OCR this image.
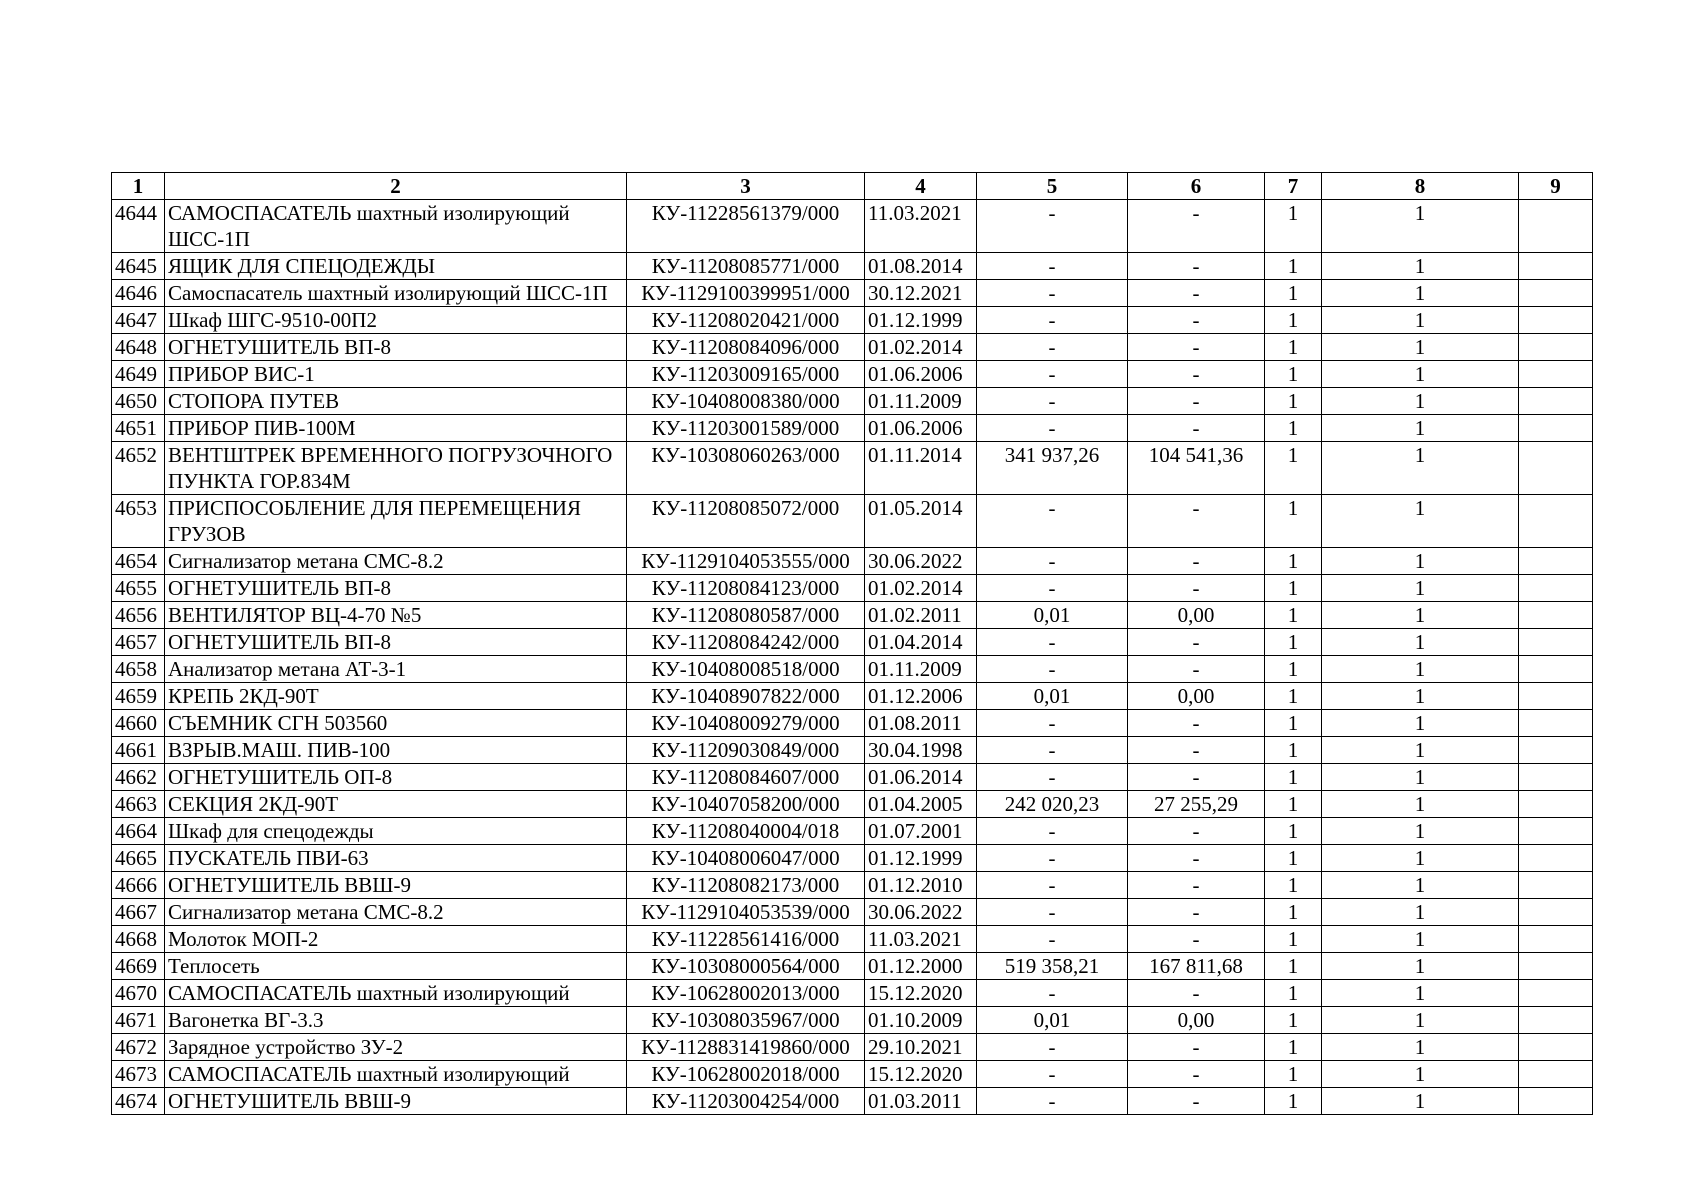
1	2	3	4	5	6	7	8	9
4644	САМОСПАСАТЕЛЬ шахтный изолирующий ШСС-1П	КУ-11228561379/000	11.03.2021	-	-	1	1	
4645	ЯЩИК ДЛЯ СПЕЦОДЕЖДЫ	КУ-11208085771/000	01.08.2014	-	-	1	1	
4646	Самоспасатель шахтный изолирующий ШСС-1П	КУ-1129100399951/000	30.12.2021	-	-	1	1	
4647	Шкаф ШГС-9510-00П2	КУ-11208020421/000	01.12.1999	-	-	1	1	
4648	ОГНЕТУШИТЕЛЬ ВП-8	КУ-11208084096/000	01.02.2014	-	-	1	1	
4649	ПРИБОР ВИС-1	КУ-11203009165/000	01.06.2006	-	-	1	1	
4650	СТОПОРА ПУТЕВ	КУ-10408008380/000	01.11.2009	-	-	1	1	
4651	ПРИБОР ПИВ-100М	КУ-11203001589/000	01.06.2006	-	-	1	1	
4652	ВЕНТШТРЕК ВРЕМЕННОГО ПОГРУЗОЧНОГО ПУНКТА ГОР.834М	КУ-10308060263/000	01.11.2014	341 937,26	104 541,36	1	1	
4653	ПРИСПОСОБЛЕНИЕ ДЛЯ ПЕРЕМЕЩЕНИЯ ГРУЗОВ	КУ-11208085072/000	01.05.2014	-	-	1	1	
4654	Сигнализатор метана СМС-8.2	КУ-1129104053555/000	30.06.2022	-	-	1	1	
4655	ОГНЕТУШИТЕЛЬ ВП-8	КУ-11208084123/000	01.02.2014	-	-	1	1	
4656	ВЕНТИЛЯТОР ВЦ-4-70 №5	КУ-11208080587/000	01.02.2011	0,01	0,00	1	1	
4657	ОГНЕТУШИТЕЛЬ ВП-8	КУ-11208084242/000	01.04.2014	-	-	1	1	
4658	Анализатор метана АТ-3-1	КУ-10408008518/000	01.11.2009	-	-	1	1	
4659	КРЕПЬ 2КД-90Т	КУ-10408907822/000	01.12.2006	0,01	0,00	1	1	
4660	СЪЕМНИК СГН 503560	КУ-10408009279/000	01.08.2011	-	-	1	1	
4661	ВЗРЫВ.МАШ. ПИВ-100	КУ-11209030849/000	30.04.1998	-	-	1	1	
4662	ОГНЕТУШИТЕЛЬ ОП-8	КУ-11208084607/000	01.06.2014	-	-	1	1	
4663	СЕКЦИЯ 2КД-90Т	КУ-10407058200/000	01.04.2005	242 020,23	27 255,29	1	1	
4664	Шкаф для спецодежды	КУ-11208040004/018	01.07.2001	-	-	1	1	
4665	ПУСКАТЕЛЬ ПВИ-63	КУ-10408006047/000	01.12.1999	-	-	1	1	
4666	ОГНЕТУШИТЕЛЬ ВВШ-9	КУ-11208082173/000	01.12.2010	-	-	1	1	
4667	Сигнализатор метана СМС-8.2	КУ-1129104053539/000	30.06.2022	-	-	1	1	
4668	Молоток МОП-2	КУ-11228561416/000	11.03.2021	-	-	1	1	
4669	Теплосеть	КУ-10308000564/000	01.12.2000	519 358,21	167 811,68	1	1	
4670	САМОСПАСАТЕЛЬ шахтный изолирующий	КУ-10628002013/000	15.12.2020	-	-	1	1	
4671	Вагонетка ВГ-3.3	КУ-10308035967/000	01.10.2009	0,01	0,00	1	1	
4672	Зарядное устройство ЗУ-2	КУ-1128831419860/000	29.10.2021	-	-	1	1	
4673	САМОСПАСАТЕЛЬ шахтный изолирующий	КУ-10628002018/000	15.12.2020	-	-	1	1	
4674	ОГНЕТУШИТЕЛЬ ВВШ-9	КУ-11203004254/000	01.03.2011	-	-	1	1	
